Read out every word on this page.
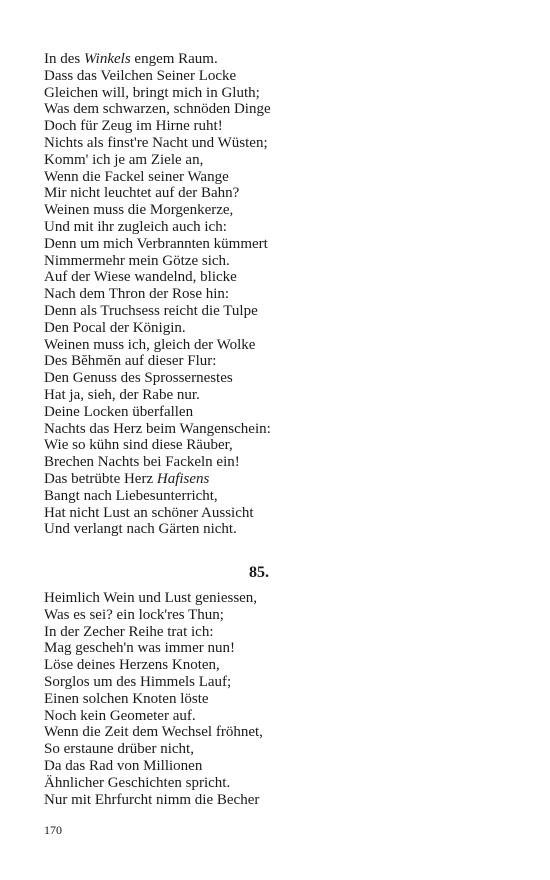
In des Winkels engem Raum.
Dass das Veilchen Seiner Locke
Gleichen will, bringt mich in Gluth;
Was dem schwarzen, schnöden Dinge
Doch für Zeug im Hirne ruht!
Nichts als finst're Nacht und Wüsten;
Komm' ich je am Ziele an,
Wenn die Fackel seiner Wange
Mir nicht leuchtet auf der Bahn?
Weinen muss die Morgenkerze,
Und mit ihr zugleich auch ich:
Denn um mich Verbrannten kümmert
Nimmermehr mein Götze sich.
Auf der Wiese wandelnd, blicke
Nach dem Thron der Rose hin:
Denn als Truchsess reicht die Tulpe
Den Pocal der Königin.
Weinen muss ich, gleich der Wolke
Des Bĕhmĕn auf dieser Flur:
Den Genuss des Sprossernestes
Hat ja, sieh, der Rabe nur.
Deine Locken überfallen
Nachts das Herz beim Wangenschein:
Wie so kühn sind diese Räuber,
Brechen Nachts bei Fackeln ein!
Das betrübte Herz Hafisens
Bangt nach Liebesunterricht,
Hat nicht Lust an schöner Aussicht
Und verlangt nach Gärten nicht.
85.
Heimlich Wein und Lust geniessen,
Was es sei? ein lock'res Thun;
In der Zecher Reihe trat ich:
Mag gescheh'n was immer nun!
Löse deines Herzens Knoten,
Sorglos um des Himmels Lauf;
Einen solchen Knoten löste
Noch kein Geometer auf.
Wenn die Zeit dem Wechsel fröhnet,
So erstaune drüber nicht,
Da das Rad von Millionen
Ähnlicher Geschichten spricht.
Nur mit Ehrfurcht nimm die Becher
170
